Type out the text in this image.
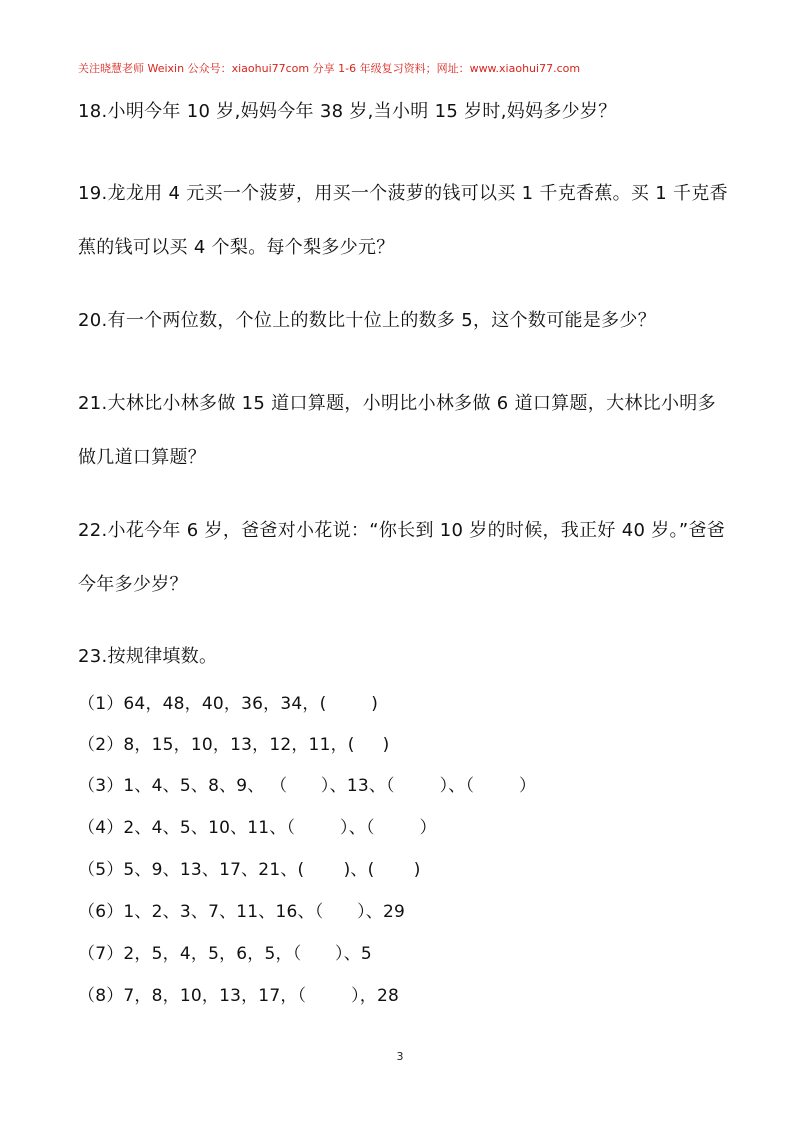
关注晓慧老师 Weixin 公众号：xiaohui77com 分享 1-6 年级复习资料；网址：www.xiaohui77.com
18.小明今年 10 岁,妈妈今年 38 岁,当小明 15 岁时,妈妈多少岁？
19.龙龙用 4 元买一个菠萝，用买一个菠萝的钱可以买 1 千克香蕉。买 1 千克香蕉的钱可以买 4 个梨。每个梨多少元？
20.有一个两位数，个位上的数比十位上的数多 5，这个数可能是多少？
21.大林比小林多做 15 道口算题，小明比小林多做 6 道口算题，大林比小明多做几道口算题？
22.小花今年 6 岁，爸爸对小花说：“你长到 10 岁的时候，我正好 40 岁。”爸爸今年多少岁？
23.按规律填数。
（1）64，48，40，36，34，(        )
（2）8，15，10，13，12，11，(     )
（3）1、4、5、8、9、 （      ）、13、（        ）、（        ）
（4）2、4、5、10、11、（        ）、（        ）
（5）5、9、13、17、21、(       )、(       )
（6）1、2、3、7、11、16、（      ）、29
（7）2，5，4，5，6，5，（      ）、5
（8）7，8，10，13，17，（        ），28
3
